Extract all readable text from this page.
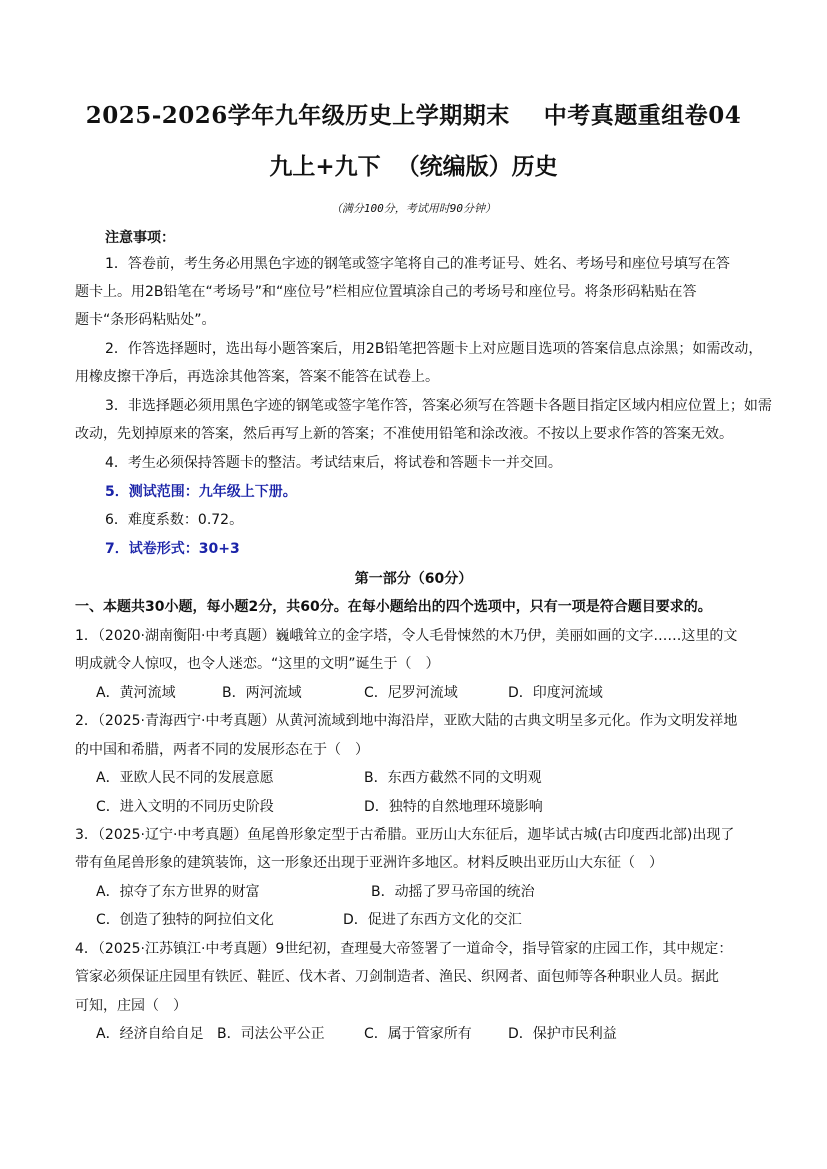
2025-2026学年九年级历史上学期期末    中考真题重组卷04
九上+九下  （统编版）历史
（满分100分，考试用时90分钟）
注意事项：
1．答卷前，考生务必用黑色字迹的钢笔或签字笔将自己的准考证号、姓名、考场号和座位号填写在答
题卡上。用2B铅笔在“考场号”和“座位号”栏相应位置填涂自己的考场号和座位号。将条形码粘贴在答
题卡“条形码粘贴处”。
2．作答选择题时，选出每小题答案后，用2B铅笔把答题卡上对应题目选项的答案信息点涂黑；如需改动，
用橡皮擦干净后，再选涂其他答案，答案不能答在试卷上。
3．非选择题必须用黑色字迹的钢笔或签字笔作答，答案必须写在答题卡各题目指定区域内相应位置上；如需
改动，先划掉原来的答案，然后再写上新的答案；不准使用铅笔和涂改液。不按以上要求作答的答案无效。
4．考生必须保持答题卡的整洁。考试结束后，将试卷和答题卡一并交回。
5．测试范围：九年级上下册。
6．难度系数：0.72。
7．试卷形式：30+3
第一部分（60分）
一、本题共30小题，每小题2分，共60分。在每小题给出的四个选项中，只有一项是符合题目要求的。
1．（2020·湖南衡阳·中考真题）巍峨耸立的金字塔，令人毛骨悚然的木乃伊，美丽如画的文字……这里的文
明成就令人惊叹，也令人迷恋。“这里的文明”诞生于（　）
A．黄河流域	B．两河流域	C．尼罗河流域	D．印度河流域
2．（2025·青海西宁·中考真题）从黄河流域到地中海沿岸，亚欧大陆的古典文明呈多元化。作为文明发祥地
的中国和希腊，两者不同的发展形态在于（　）
A．亚欧人民不同的发展意愿	B．东西方截然不同的文明观
C．进入文明的不同历史阶段	D．独特的自然地理环境影响
3．（2025·辽宁·中考真题）鱼尾兽形象定型于古希腊。亚历山大东征后，迦毕试古城(古印度西北部)出现了
带有鱼尾兽形象的建筑装饰，这一形象还出现于亚洲许多地区。材料反映出亚历山大东征（　）
A．掠夺了东方世界的财富	B．动摇了罗马帝国的统治
C．创造了独特的阿拉伯文化	D．促进了东西方文化的交汇
4．（2025·江苏镇江·中考真题）9世纪初，查理曼大帝签署了一道命令，指导管家的庄园工作，其中规定：
管家必须保证庄园里有铁匠、鞋匠、伐木者、刀剑制造者、渔民、织网者、面包师等各种职业人员。据此
可知，庄园（　）
A．经济自给自足 B．司法公平公正	C．属于管家所有	D．保护市民利益
